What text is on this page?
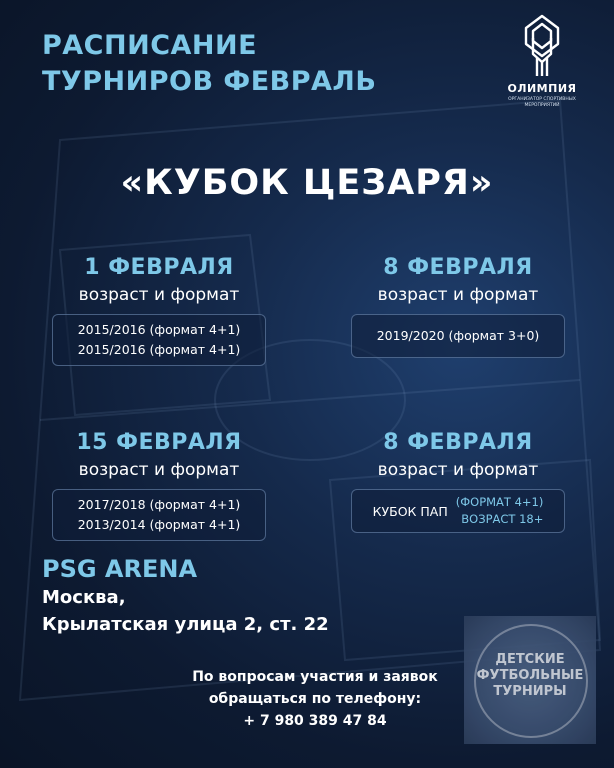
РАСПИСАНИЕ
ТУРНИРОВ ФЕВРАЛЬ	ОЛИМПИЯ
ОРГАНИЗАТОР СПОРТИВНЫХ МЕРОПРИЯТИЙ
«КУБОК ЦЕЗАРЯ»
1 ФЕВРАЛЯ
возраст и формат
2015/2016 (формат 4+1)
2015/2016 (формат 4+1)
8 ФЕВРАЛЯ
возраст и формат
2019/2020 (формат 3+0)
15 ФЕВРАЛЯ
возраст и формат
2017/2018 (формат 4+1)
2013/2014 (формат 4+1)
8 ФЕВРАЛЯ
возраст и формат
КУБОК ПАП
(ФОРМАТ 4+1)
ВОЗРАСТ 18+
PSG ARENA
Москва,
Крылатская улица 2, ст. 22
ДЕТСКИЕ
ФУТБОЛЬНЫЕ
ТУРНИРЫ
По вопросам участия и заявок
обращаться по телефону:
+ 7 980 389 47 84
